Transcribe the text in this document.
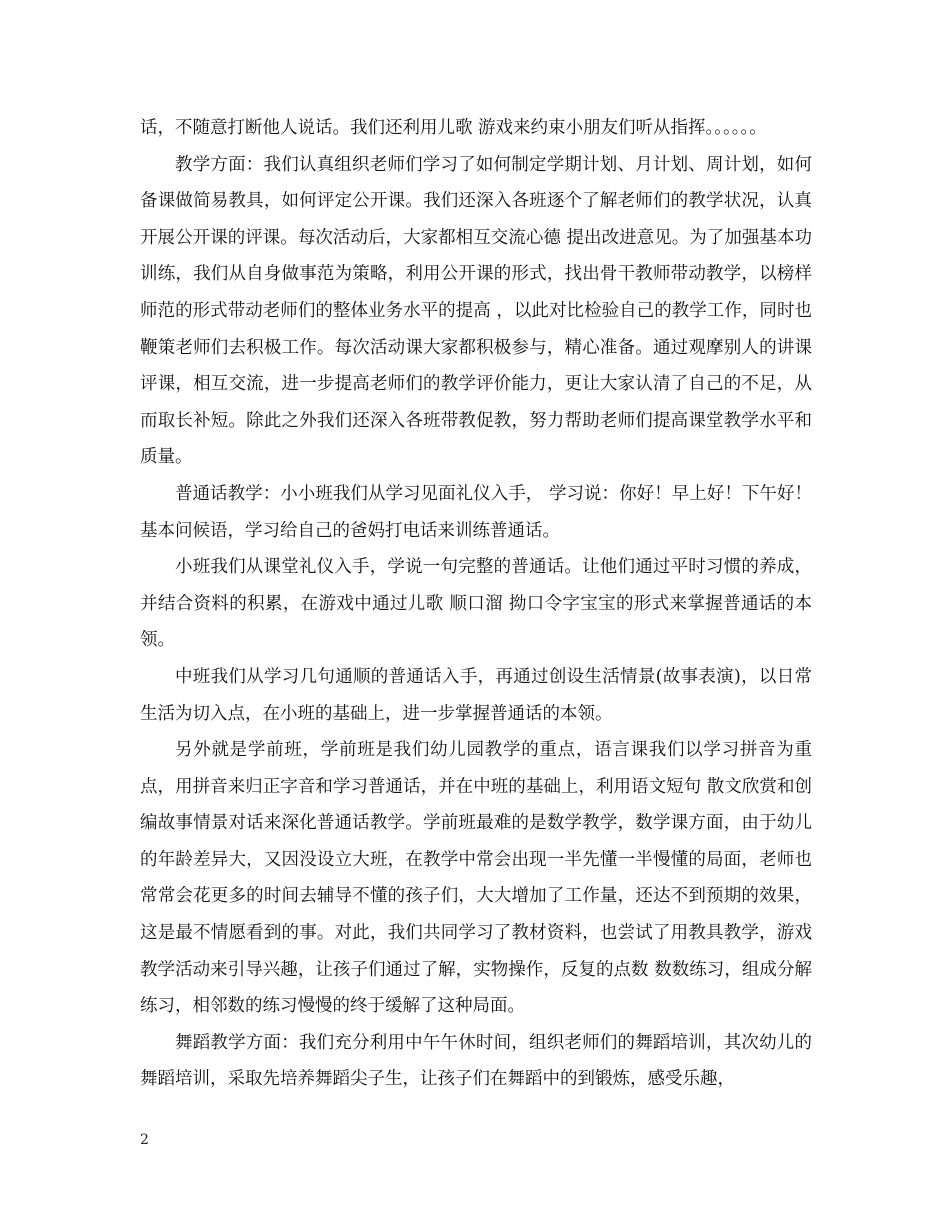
话，不随意打断他人说话。我们还利用儿歌 游戏来约束小朋友们听从指挥。。。。。。

教学方面：我们认真组织老师们学习了如何制定学期计划、月计划、周计划，如何备课做简易教具，如何评定公开课。我们还深入各班逐个了解老师们的教学状况，认真开展公开课的评课。每次活动后，大家都相互交流心德 提出改进意见。为了加强基本功训练，我们从自身做事范为策略，利用公开课的形式，找出骨干教师带动教学，以榜样师范的形式带动老师们的整体业务水平的提高 ，以此对比检验自己的教学工作，同时也鞭策老师们去积极工作。每次活动课大家都积极参与，精心准备。通过观摩别人的讲课 评课，相互交流，进一步提高老师们的教学评价能力，更让大家认清了自己的不足，从而取长补短。除此之外我们还深入各班带教促教，努力帮助老师们提高课堂教学水平和质量。

普通话教学：小小班我们从学习见面礼仪入手， 学习说：你好！早上好！下午好！基本问候语，学习给自己的爸妈打电话来训练普通话。

小班我们从课堂礼仪入手，学说一句完整的普通话。让他们通过平时习惯的养成，并结合资料的积累，在游戏中通过儿歌 顺口溜 拗口令字宝宝的形式来掌握普通话的本领。

中班我们从学习几句通顺的普通话入手，再通过创设生活情景(故事表演)，以日常生活为切入点，在小班的基础上，进一步掌握普通话的本领。

另外就是学前班，学前班是我们幼儿园教学的重点，语言课我们以学习拼音为重点，用拼音来归正字音和学习普通话，并在中班的基础上，利用语文短句 散文欣赏和创编故事情景对话来深化普通话教学。学前班最难的是数学教学，数学课方面，由于幼儿的年龄差异大，又因没设立大班，在教学中常会出现一半先懂一半慢懂的局面，老师也常常会花更多的时间去辅导不懂的孩子们，大大增加了工作量，还达不到预期的效果，这是最不情愿看到的事。对此，我们共同学习了教材资料，也尝试了用教具教学，游戏教学活动来引导兴趣，让孩子们通过了解，实物操作，反复的点数 数数练习，组成分解练习，相邻数的练习慢慢的终于缓解了这种局面。

舞蹈教学方面：我们充分利用中午午休时间，组织老师们的舞蹈培训，其次幼儿的舞蹈培训，采取先培养舞蹈尖子生，让孩子们在舞蹈中的到锻炼，感受乐趣，

2
